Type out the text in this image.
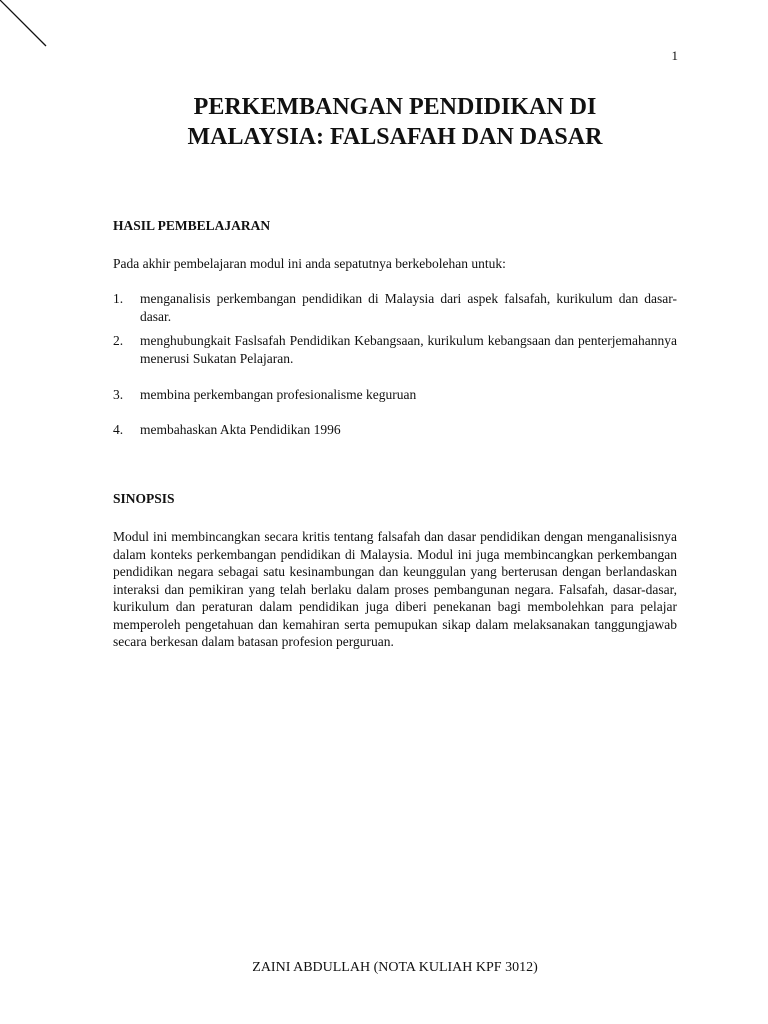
1
PERKEMBANGAN PENDIDIKAN DI
MALAYSIA: FALSAFAH DAN DASAR
HASIL PEMBELAJARAN

Pada akhir pembelajaran modul ini anda sepatutnya berkebolehan untuk:

1.	menganalisis perkembangan pendidikan di Malaysia dari aspek falsafah, kurikulum dan dasar-dasar.
2.	menghubungkait Faslsafah Pendidikan Kebangsaan, kurikulum kebangsaan dan penterjemahannya menerusi Sukatan Pelajaran.
3.	membina perkembangan profesionalisme keguruan
4.	membahaskan Akta Pendidikan 1996
SINOPSIS

Modul ini membincangkan secara kritis tentang falsafah dan dasar pendidikan dengan menganalisisnya dalam konteks perkembangan pendidikan di Malaysia. Modul ini juga membincangkan perkembangan pendidikan negara sebagai satu kesinambungan dan keunggulan yang berterusan dengan berlandaskan interaksi dan pemikiran yang telah berlaku dalam proses pembangunan negara. Falsafah, dasar-dasar, kurikulum dan peraturan dalam pendidikan juga diberi penekanan bagi membolehkan para pelajar memperoleh pengetahuan dan kemahiran serta pemupukan sikap dalam melaksanakan tanggungjawab secara berkesan dalam batasan profesion perguruan.

ZAINI ABDULLAH (NOTA KULIAH KPF 3012)
